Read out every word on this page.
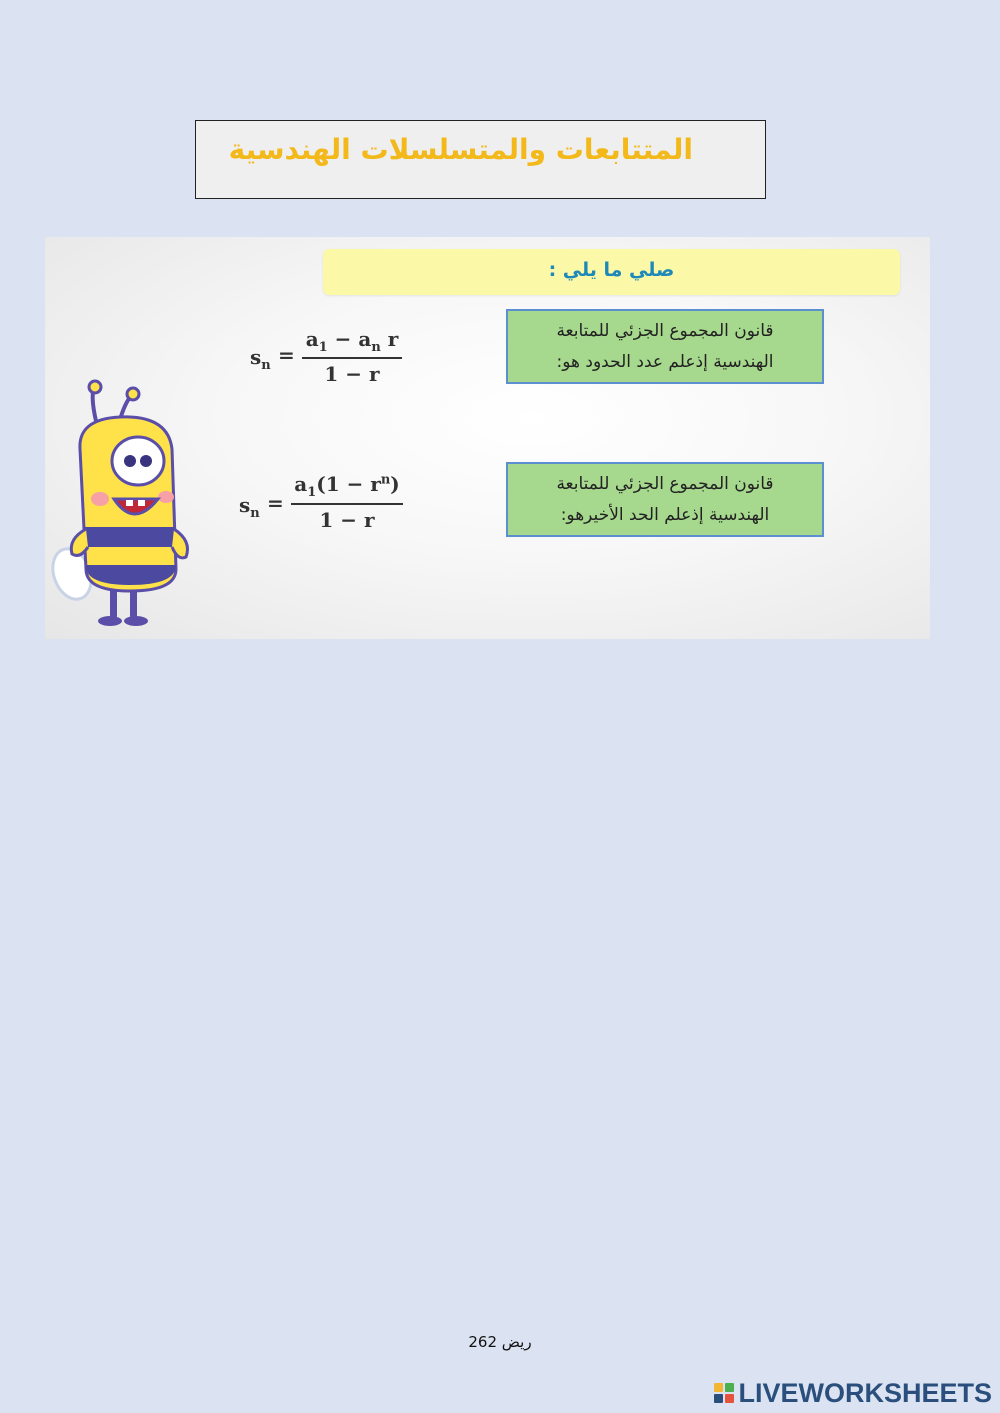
المتتابعات والمتسلسلات الهندسية
صلي ما يلي :
قانون المجموع الجزئي للمتابعة
الهندسية إذعلم عدد الحدود هو:
قانون المجموع الجزئي للمتابعة
الهندسية إذعلم الحد الأخيرهو:
$s_n$ =
$a_1 - a_n$ r
1 − r
$s_n$ =
$a_1(1 - r^n)$
1 − r
ريض 262
LIVEWORKSHEETS
